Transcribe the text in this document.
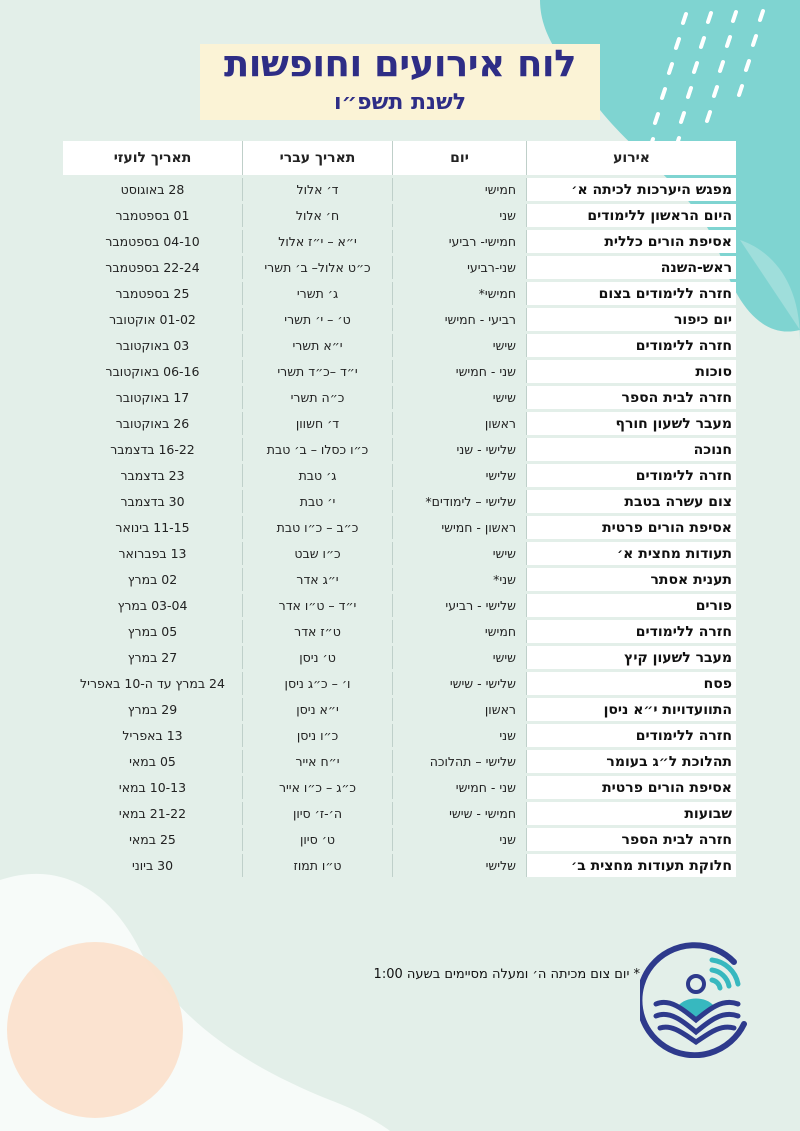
לוח אירועים וחופשות
לשנת תשפ״ו
אירוע	יום	תאריך עברי	תאריך לועזי
מפגש היערכות לכיתה א׳	חמישי	ד׳ אלול	28 באוגוסט
היום הראשון ללימודים	שני	ח׳ אלול	01 בספטמבר
אסיפת הורים כללית	חמישי- רביעי	י״א – י״ז אלול	04-10 בספטמבר
ראש-השנה	שני-רביעי	כ״ט אלול– ב׳ תשרי	22-24 בספטמבר
חזרה ללימודים בצום	חמישי*	ג׳ תשרי	25 בספטמבר
יום כיפור	רביעי - חמישי	ט׳ – י׳ תשרי	01-02 אוקטובר
חזרה ללימודים	שישי	י״א תשרי	03 באוקטובר
סוכות	שני - חמישי	י״ד –כ״ד תשרי	06-16 באוקטובר
חזרה לבית הספר	שישי	כ״ה תשרי	17 באוקטובר
מעבר לשעון חורף	ראשון	ד׳ חשוון	26 באוקטובר
חנוכה	שלישי - שני	כ״ו כסלו – ב׳ טבת	16-22 בדצמבר
חזרה ללימודים	שלישי	ג׳ טבת	23 בדצמבר
צום עשרה בטבת	שלישי – לימודים*	י׳ טבת	30 בדצמבר
אסיפת הורים פרטית	ראשון - חמישי	כ״ב – כ״ו טבת	11-15 בינואר
תעודות מחצית א׳	שישי	כ״ו שבט	13 בפברואר
תענית אסתר	שני*	י״ג אדר	02 במרץ
פורים	שלישי - רביעי	י״ד – ט״ו אדר	03-04 במרץ
חזרה ללימודים	חמישי	ט״ז אדר	05 במרץ
מעבר לשעון קיץ	שישי	ט׳ ניסן	27 במרץ
פסח	שלישי - שישי	ו׳ – כ״ג ניסן	24 במרץ עד ה-10 באפריל
התוועדויות י״א ניסן	ראשון	י״א ניסן	29 במרץ
חזרה ללימודים	שני	כ״ו ניסן	13 באפריל
תהלוכת ל״ג בעומר	שלישי – תהלוכה	י״ח אייר	05 במאי
אסיפת הורים פרטית	שני - חמישי	כ״ג – כ״ו אייר	10-13 במאי
שבועות	חמישי - שישי	ה׳-ז׳ סיון	21-22 במאי
חזרה לבית הספר	שני	ט׳ סיון	25 במאי
חלוקת תעודות מחצית ב׳	שלישי	ט״ו תמוז	30 ביוני
* יום צום מכיתה ה׳ ומעלה מסיימים בשעה 1:00
